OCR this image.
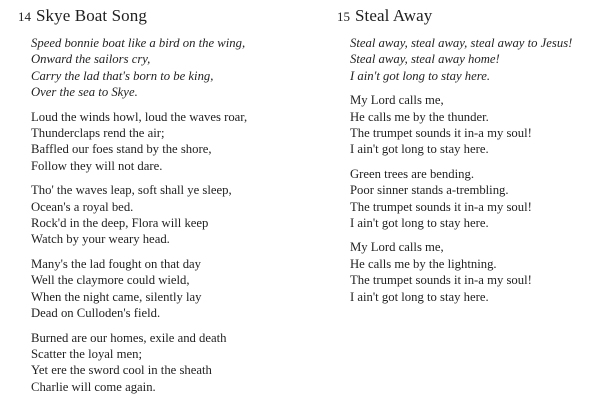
14 Skye Boat Song
Speed bonnie boat like a bird on the wing,
Onward the sailors cry,
Carry the lad that's born to be king,
Over the sea to Skye.
Loud the winds howl, loud the waves roar,
Thunderclaps rend the air;
Baffled our foes stand by the shore,
Follow they will not dare.
Tho' the waves leap, soft shall ye sleep,
Ocean's a royal bed.
Rock'd in the deep, Flora will keep
Watch by your weary head.
Many's the lad fought on that day
Well the claymore could wield,
When the night came, silently lay
Dead on Culloden's field.
Burned are our homes, exile and death
Scatter the loyal men;
Yet ere the sword cool in the sheath
Charlie will come again.
15 Steal Away
Steal away, steal away, steal away to Jesus!
Steal away, steal away home!
I ain't got long to stay here.
My Lord calls me,
He calls me by the thunder.
The trumpet sounds it in-a my soul!
I ain't got long to stay here.
Green trees are bending.
Poor sinner stands a-trembling.
The trumpet sounds it in-a my soul!
I ain't got long to stay here.
My Lord calls me,
He calls me by the lightning.
The trumpet sounds it in-a my soul!
I ain't got long to stay here.
